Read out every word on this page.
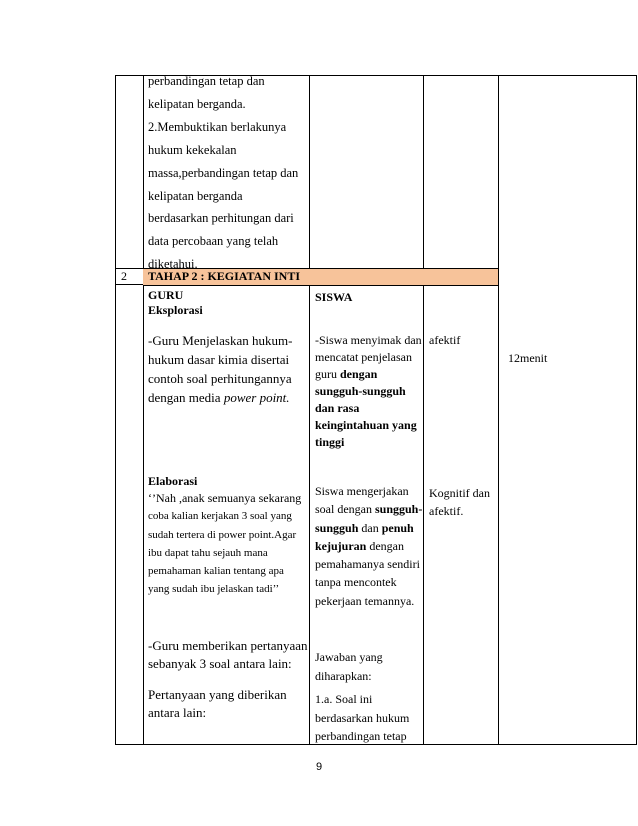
TAHAP 2 : KEGIATAN INTI
2
perbandingan tetap dan
kelipatan berganda.
2.Membuktikan berlakunya
hukum kekekalan
massa,perbandingan tetap dan
kelipatan berganda
berdasarkan perhitungan dari
data percobaan yang telah
diketahui.
GURU
Eksplorasi
SISWA
-Guru Menjelaskan hukum-
hukum dasar kimia disertai
contoh soal perhitungannya
dengan media power point.
-Siswa menyimak dan
mencatat penjelasan
guru dengan
sungguh-sungguh
dan rasa
keingintahuan yang
tinggi
afektif
12menit
Elaborasi
‘’Nah ,anak semuanya sekarang
coba kalian kerjakan 3 soal yang
sudah tertera di power point.Agar
ibu dapat tahu sejauh mana
pemahaman kalian tentang apa
yang sudah ibu jelaskan tadi’’
Siswa mengerjakan
soal dengan sungguh-
sungguh dan penuh
kejujuran dengan
pemahamanya sendiri
tanpa mencontek
pekerjaan temannya.
Kognitif dan
afektif.
-Guru memberikan pertanyaan
sebanyak 3 soal antara lain:
Pertanyaan yang diberikan
antara lain:
Jawaban yang
diharapkan:
1.a. Soal ini
berdasarkan hukum
perbandingan tetap
9
